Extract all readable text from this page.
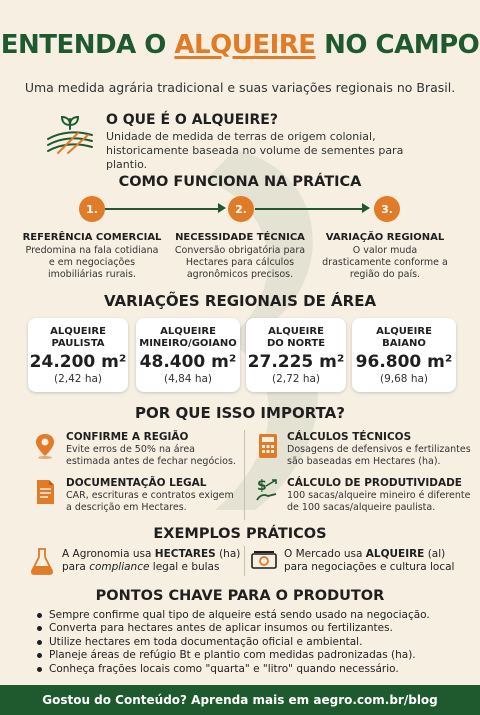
ENTENDA O ALQUEIRE NO CAMPO
Uma medida agrária tradicional e suas variações regionais no Brasil.
O QUE É O ALQUEIRE?
Unidade de medida de terras de origem colonial, historicamente baseada no volume de sementes para plantio.
COMO FUNCIONA NA PRÁTICA
1.	2.	3.
REFERÊNCIA COMERCIAL
Predomina na fala cotidiana e em negociações imobiliárias rurais.
NECESSIDADE TÉCNICA
Conversão obrigatória para Hectares para cálculos agronômicos precisos.
VARIAÇÃO REGIONAL
O valor muda drasticamente conforme a região do país.
VARIAÇÕES REGIONAIS DE ÁREA
ALQUEIRE
PAULISTA
24.200 m²
(2,42 ha)
ALQUEIRE
MINEIRO/GOIANO
48.400 m²
(4,84 ha)
ALQUEIRE
DO NORTE
27.225 m²
(2,72 ha)
ALQUEIRE
BAIANO
96.800 m²
(9,68 ha)
POR QUE ISSO IMPORTA?
CONFIRME A REGIÃO
Evite erros de 50% na área
estimada antes de fechar negócios.
CÁLCULOS TÉCNICOS
Dosagens de defensivos e fertilizantes
são baseadas em Hectares (ha).
DOCUMENTAÇÃO LEGAL
CAR, escrituras e contratos exigem
a descrição em Hectares.
$ CÁLCULO DE PRODUTIVIDADE
100 sacas/alqueire mineiro é diferente
de 100 sacas/alqueire paulista.
EXEMPLOS PRÁTICOS
A Agronomia usa HECTARES (ha)
para compliance legal e bulas
O Mercado usa ALQUEIRE (al)
para negociações e cultura local
PONTOS CHAVE PARA O PRODUTOR
Sempre confirme qual tipo de alqueire está sendo usado na negociação.
Converta para hectares antes de aplicar insumos ou fertilizantes.
Utilize hectares em toda documentação oficial e ambiental.
Planeje áreas de refúgio Bt e plantio com medidas padronizadas (ha).
Conheça frações locais como "quarta" e "litro" quando necessário.
Gostou do Conteúdo? Aprenda mais em aegro.com.br/blog
